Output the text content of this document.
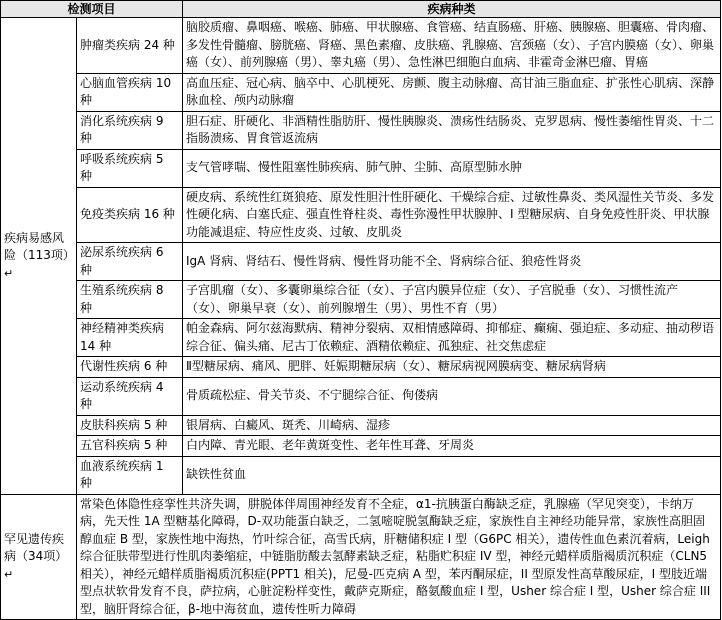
检测项目		疾病种类
疾病易感风险（113项）↵	肿瘤类疾病 24 种	脑胶质瘤、鼻咽癌、喉癌、肺癌、甲状腺癌、食管癌、结直肠癌、肝癌、胰腺癌、胆囊癌、骨肉瘤、多发性骨髓瘤、膀胱癌、肾癌、黑色素瘤、皮肤癌、乳腺癌、宫颈癌（女）、子宫内膜癌（女）、卵巢癌（女）、前列腺癌（男）、睾丸癌（男）、急性淋巴细胞白血病、非霍奇金淋巴瘤、胃癌
	心脑血管疾病 10 种	高血压症、冠心病、脑卒中、心肌梗死、房颤、腹主动脉瘤、高甘油三脂血症、扩张性心肌病、深静脉血栓、颅内动脉瘤
	消化系统疾病 9 种	胆石症、肝硬化、非酒精性脂肪肝、慢性胰腺炎、溃疡性结肠炎、克罗恩病、慢性萎缩性胃炎、十二指肠溃疡、胃食管返流病
	呼吸系统疾病 5 种	支气管哮喘、慢性阻塞性肺疾病、肺气肿、尘肺、高原型肺水肿
	免疫类疾病 16 种	硬皮病、系统性红斑狼疮、原发性胆汁性肝硬化、干燥综合症、过敏性鼻炎、类风湿性关节炎、多发性硬化病、白塞氏症、强直性脊柱炎、毒性弥漫性甲状腺肿、I 型糖尿病、自身免疫性肝炎、甲状腺功能减退症、特应性皮炎、过敏、皮肌炎
	泌尿系统疾病 6 种	IgA 肾病、肾结石、慢性肾病、慢性肾功能不全、肾病综合征、狼疮性肾炎
	生殖系统疾病 8 种	子宫肌瘤（女）、多囊卵巢综合征（女）、子宫内膜异位症（女）、子宫脱垂（女）、习惯性流产（女）、卵巢早衰（女）、前列腺增生（男）、男性不育（男）
	神经精神类疾病 14 种	帕金森病、阿尔兹海默病、精神分裂病、双相情感障碍、抑郁症、癫痫、强迫症、多动症、抽动秽语综合征、偏头痛、尼古丁依赖症、酒精依赖症、孤独症、社交焦虑症
	代谢性疾病 6 种	Ⅱ型糖尿病、痛风、肥胖、妊娠期糖尿病（女）、糖尿病视网膜病变、糖尿病肾病
	运动系统疾病 4 种	骨质疏松症、骨关节炎、不宁腿综合征、佝偻病
	皮肤科疾病 5 种	银屑病、白癜风、斑秃、川崎病、湿疹
	五官科疾病 5 种	白内障、青光眼、老年黄斑变性、老年性耳聋、牙周炎
	血液系统疾病 1 种	缺铁性贫血
罕见遗传疾病（34项）↵	常染色体隐性痉挛性共济失调，肼脱体伴周围神经发育不全症，α1-抗胰蛋白酶缺乏症，乳腺癌（罕见突变），卡纳万病，先天性 1A 型糖基化障碍，D-双功能蛋白缺乏，二氢嘧啶脱氢酶缺乏症，家族性自主神经功能异常，家族性高胆固醇血症 B 型，家族性地中海热，竹叶综合征，高雪氏病，肝糖储积症 I 型（G6PC 相关），遗传性血色素沉着病，Leigh 综合征肤带型进行性肌肉萎缩症，中链脂肪酸去氢酵素缺乏症，粘脂贮积症 IV 型，神经元蜡样质脂褐质沉积症（CLN5 相关），神经元蜡样质脂褐质沉积症(PPT1 相关)，尼曼-匹克病 A 型，苯丙酮尿症，II 型原发性高草酸尿症，I 型肢近端型点状软骨发育不良，萨拉病，心脏淀粉样变性，戴萨克斯症，酪氨酸血症 I 型，Usher 综合症 I 型，Usher 综合症 III 型，脑肝肾综合征，β-地中海贫血，遗传性听力障碍	
